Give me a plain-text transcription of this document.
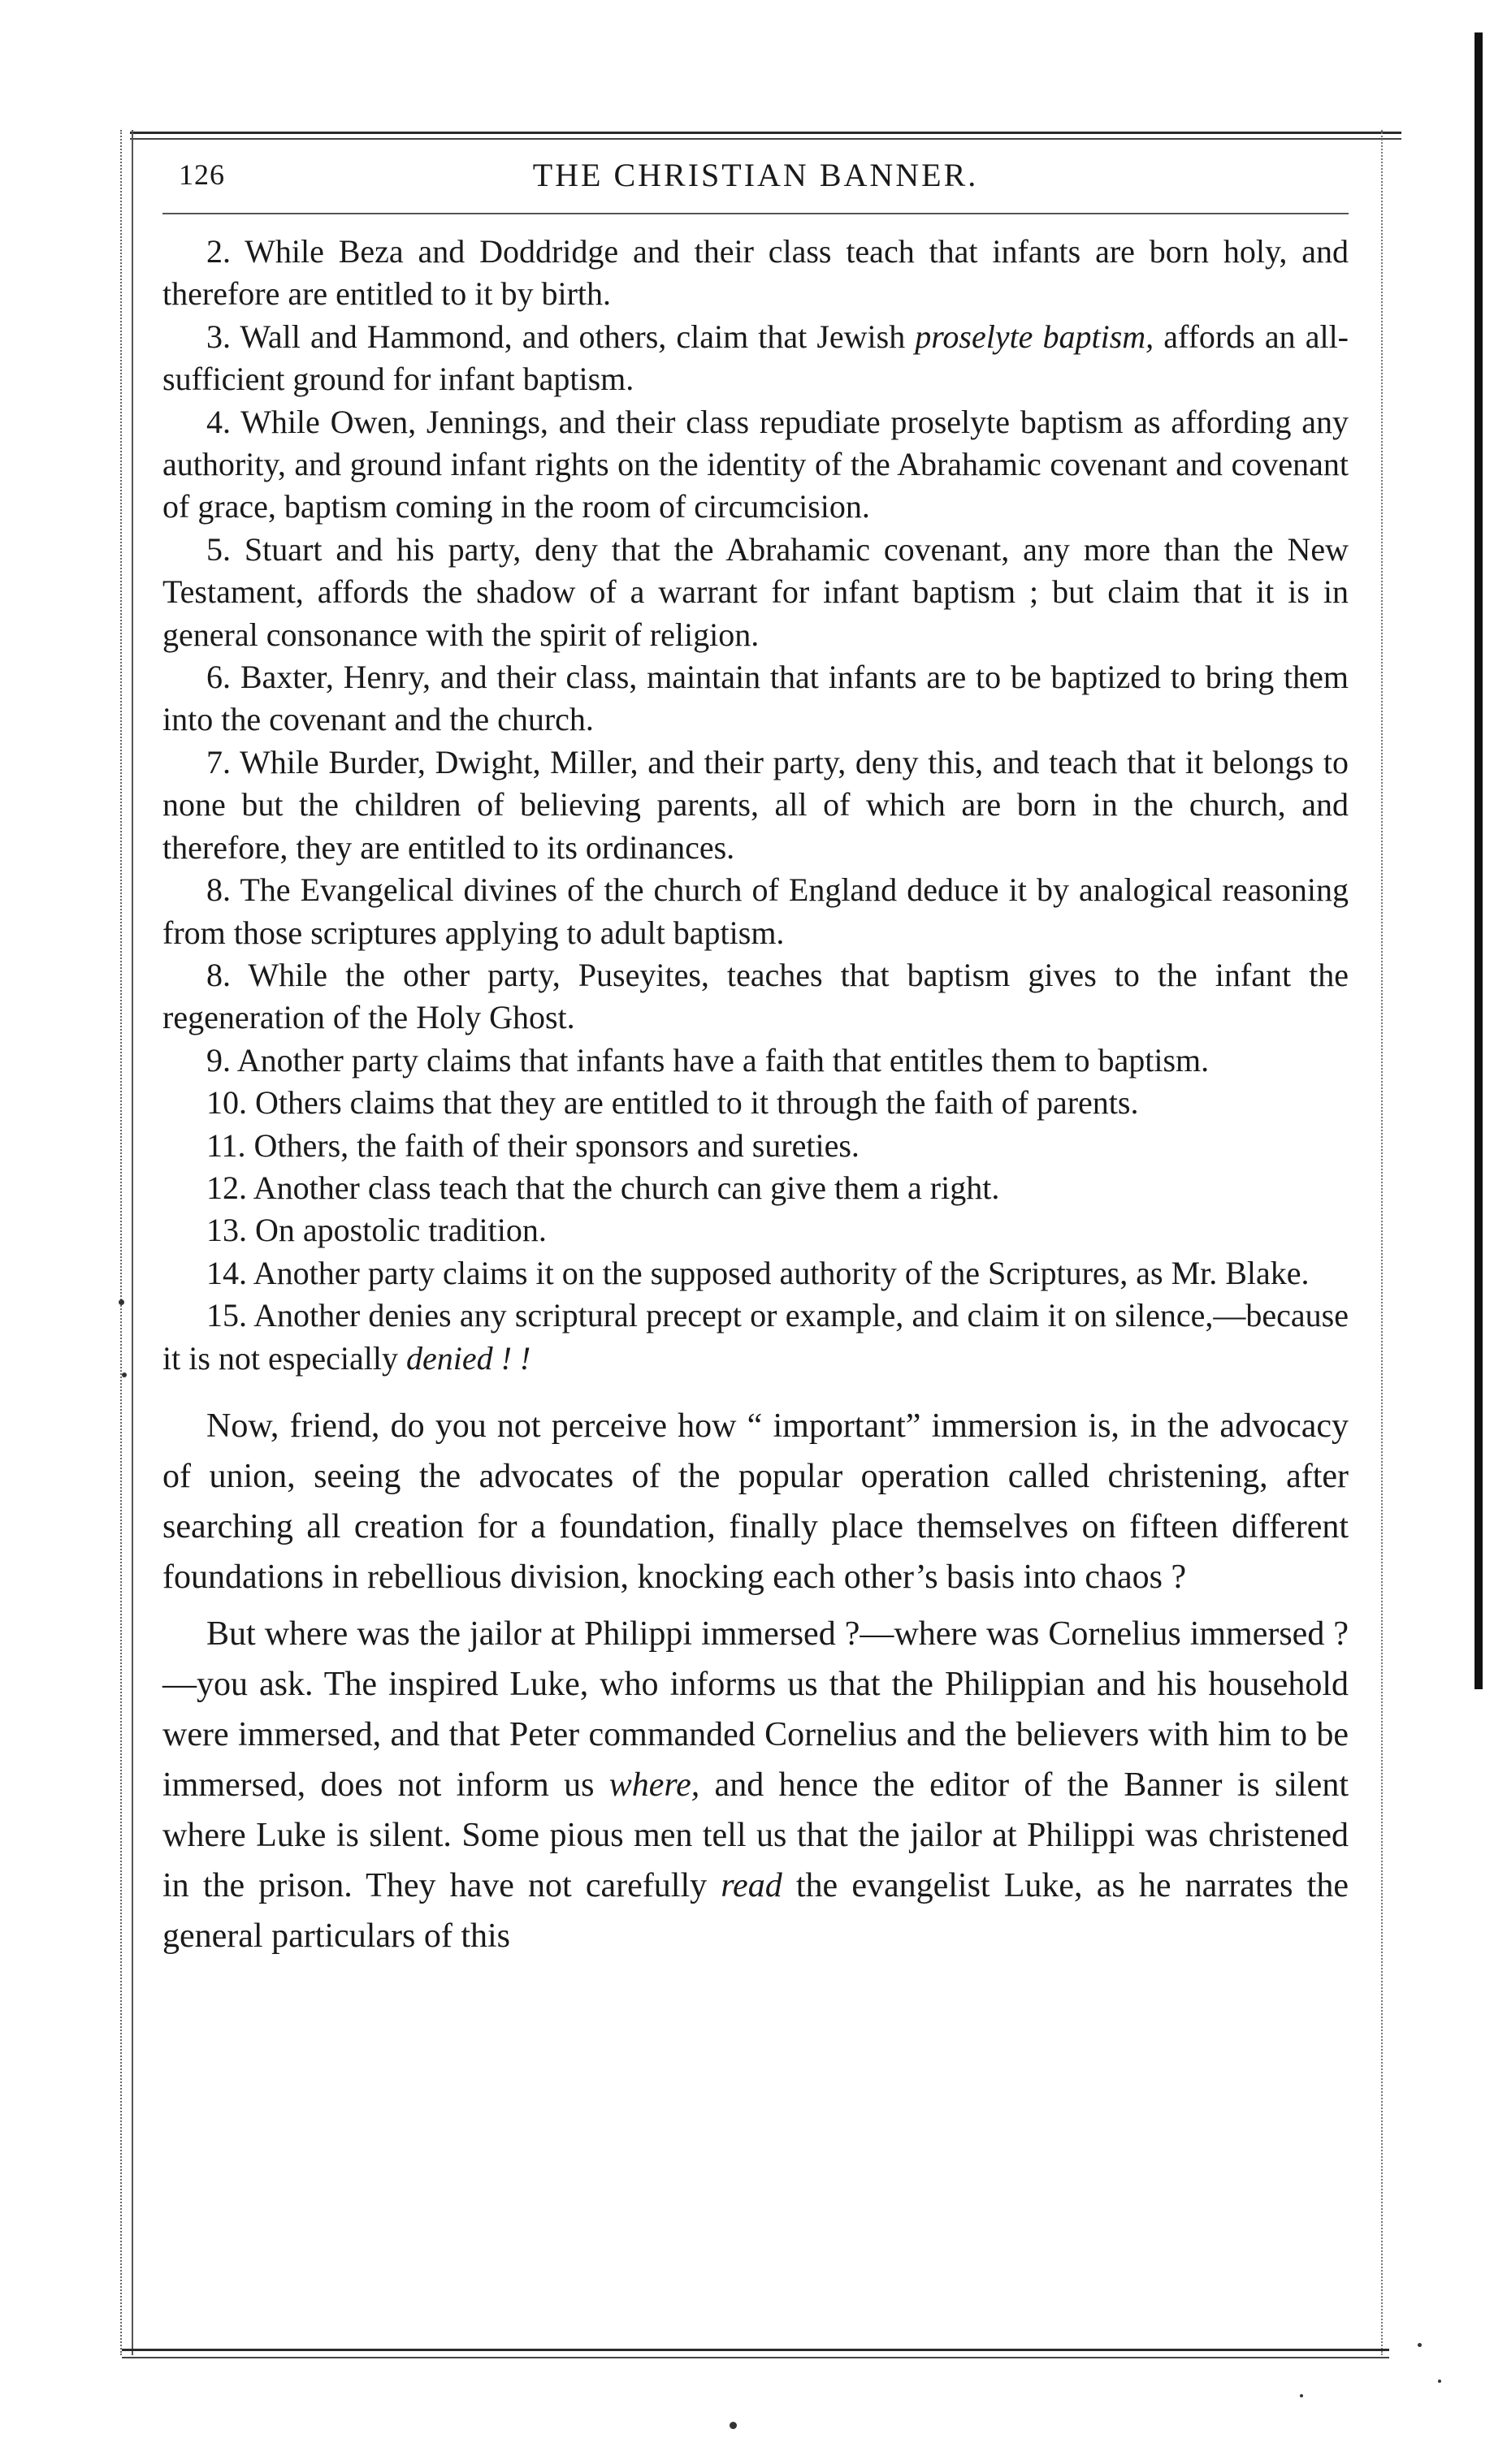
126	THE CHRISTIAN BANNER.

2. While Beza and Doddridge and their class teach that infants are born holy, and therefore are entitled to it by birth.

3. Wall and Hammond, and others, claim that Jewish proselyte baptism, affords an all-sufficient ground for infant baptism.

4. While Owen, Jennings, and their class repudiate proselyte baptism as affording any authority, and ground infant rights on the identity of the Abrahamic covenant and covenant of grace, baptism coming in the room of circumcision.

5. Stuart and his party, deny that the Abrahamic covenant, any more than the New Testament, affords the shadow of a warrant for infant baptism ; but claim that it is in general consonance with the spirit of religion.

6. Baxter, Henry, and their class, maintain that infants are to be baptized to bring them into the covenant and the church.

7. While Burder, Dwight, Miller, and their party, deny this, and teach that it belongs to none but the children of believing parents, all of which are born in the church, and therefore, they are entitled to its ordinances.

8. The Evangelical divines of the church of England deduce it by analogical reasoning from those scriptures applying to adult baptism.

8. While the other party, Puseyites, teaches that baptism gives to the infant the regeneration of the Holy Ghost.

9. Another party claims that infants have a faith that entitles them to baptism.

10. Others claims that they are entitled to it through the faith of parents.

11. Others, the faith of their sponsors and sureties.

12. Another class teach that the church can give them a right.

13. On apostolic tradition.

14. Another party claims it on the supposed authority of the Scriptures, as Mr. Blake.

15. Another denies any scriptural precept or example, and claim it on silence,—because it is not especially denied ! !

Now, friend, do you not perceive how “ important” immersion is, in the advocacy of union, seeing the advocates of the popular operation called christening, after searching all creation for a foundation, finally place themselves on fifteen different foundations in rebellious division, knocking each other’s basis into chaos ?

But where was the jailor at Philippi immersed ?—where was Cornelius immersed ?—you ask. The inspired Luke, who informs us that the Philippian and his household were immersed, and that Peter commanded Cornelius and the believers with him to be immersed, does not inform us where, and hence the editor of the Banner is silent where Luke is silent. Some pious men tell us that the jailor at Philippi was christened in the prison. They have not carefully read the evangelist Luke, as he narrates the general particulars of this
